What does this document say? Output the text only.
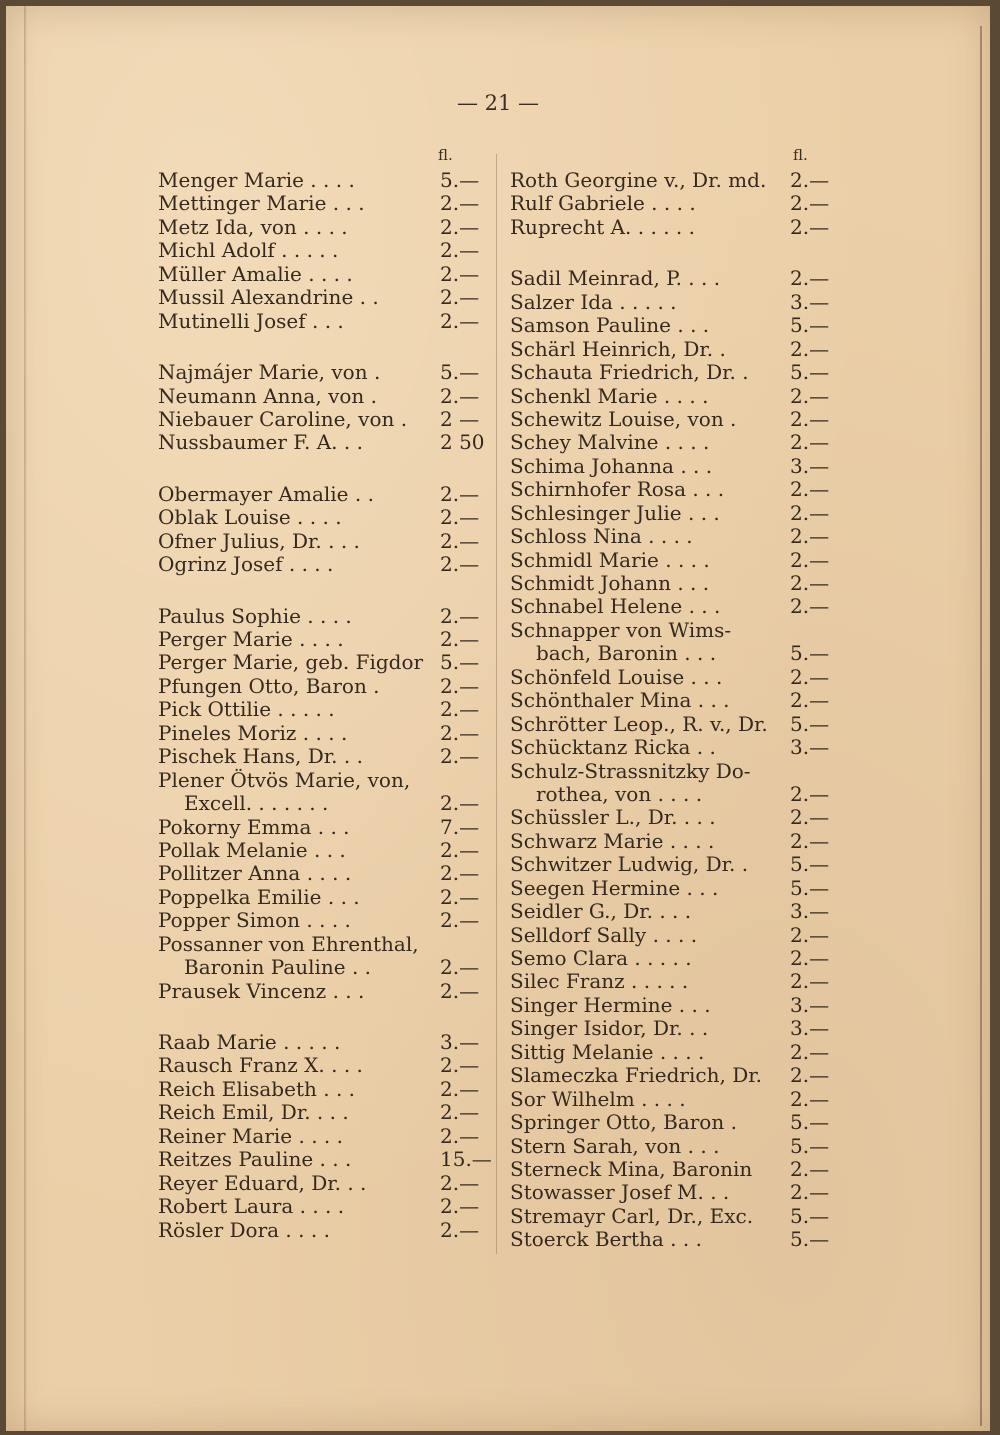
— 21 —
fl.	fl.
Menger Marie . . . .	5.—
Mettinger Marie . . .	2.—
Metz Ida, von . . . .	2.—
Michl Adolf . . . . .	2.—
Müller Amalie . . . .	2.—
Mussil Alexandrine . .	2.—
Mutinelli Josef . . .	2.—
Najmájer Marie, von .	5.—
Neumann Anna, von .	2.—
Niebauer Caroline, von . 2 —
Nussbaumer F. A. . .	2 50
Obermayer Amalie . .	2.—
Oblak Louise . . . .	2.—
Ofner Julius, Dr. . . .	2.—
Ogrinz Josef . . . .	2.—
Paulus Sophie . . . .	2.—
Perger Marie . . . .	2.—
Perger Marie, geb. Figdor 5.—
Pfungen Otto, Baron .	2.—
Pick Ottilie . . . . .	2.—
Pineles Moriz . . . .	2.—
Pischek Hans, Dr. . .	2.—
Plener Ötvös Marie, von,
Excell. . . . . . .	2.—
Pokorny Emma . . .	7.—
Pollak Melanie . . .	2.—
Pollitzer Anna . . . .	2.—
Poppelka Emilie . . .	2.—
Popper Simon . . . .	2.—
Possanner von Ehrenthal,
Baronin Pauline . .	2.—
Prausek Vincenz . . .	2.—
Raab Marie . . . . .	3.—
Rausch Franz X. . . .	2.—
Reich Elisabeth . . .	2.—
Reich Emil, Dr. . . .	2.—
Reiner Marie . . . .	2.—
Reitzes Pauline . . .	15.—
Reyer Eduard, Dr. . .	2.—
Robert Laura . . . .	2.—
Rösler Dora . . . .	2.—
Roth Georgine v., Dr. md. 2.—
Rulf Gabriele . . . .	2.—
Ruprecht A. . . . . .	2.—
Sadil Meinrad, P. . . .	2.—
Salzer Ida . . . . .	3.—
Samson Pauline . . .	5.—
Schärl Heinrich, Dr. .	2.—
Schauta Friedrich, Dr. . 5.—
Schenkl Marie . . . .	2.—
Schewitz Louise, von .	2.—
Schey Malvine . . . .	2.—
Schima Johanna . . .	3.—
Schirnhofer Rosa . . .	2.—
Schlesinger Julie . . .	2.—
Schloss Nina . . . .	2.—
Schmidl Marie . . . .	2.—
Schmidt Johann . . .	2.—
Schnabel Helene . . .	2.—
Schnapper von Wims-
bach, Baronin . . .	5.—
Schönfeld Louise . . .	2.—
Schönthaler Mina . . .	2.—
Schrötter Leop., R. v., Dr. 5.—
Schücktanz Ricka . .	3.—
Schulz-Strassnitzky Do-
rothea, von . . . .	2.—
Schüssler L., Dr. . . .	2.—
Schwarz Marie . . . .	2.—
Schwitzer Ludwig, Dr. . 5.—
Seegen Hermine . . .	5.—
Seidler G., Dr. . . .	3.—
Selldorf Sally . . . .	2.—
Semo Clara . . . . .	2.—
Silec Franz . . . . .	2.—
Singer Hermine . . .	3.—
Singer Isidor, Dr. . .	3.—
Sittig Melanie . . . .	2.—
Slameczka Friedrich, Dr. 2.—
Sor Wilhelm . . . .	2.—
Springer Otto, Baron .	5.—
Stern Sarah, von . . .	5.—
Sterneck Mina, Baronin 2.—
Stowasser Josef M. . .	2.—
Stremayr Carl, Dr., Exc. 5.—
Stoerck Bertha . . .	5.—
